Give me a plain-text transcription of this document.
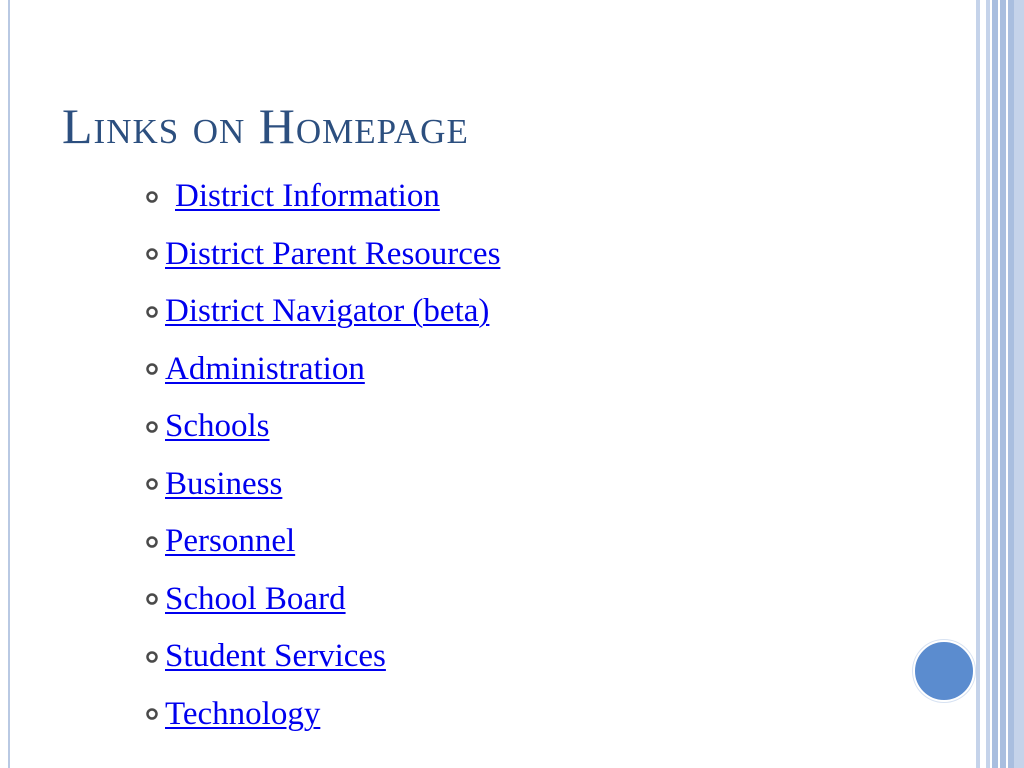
Links on Homepage
District Information
District Parent Resources
District Navigator (beta)
Administration
Schools
Business
Personnel
School Board
Student Services
Technology
